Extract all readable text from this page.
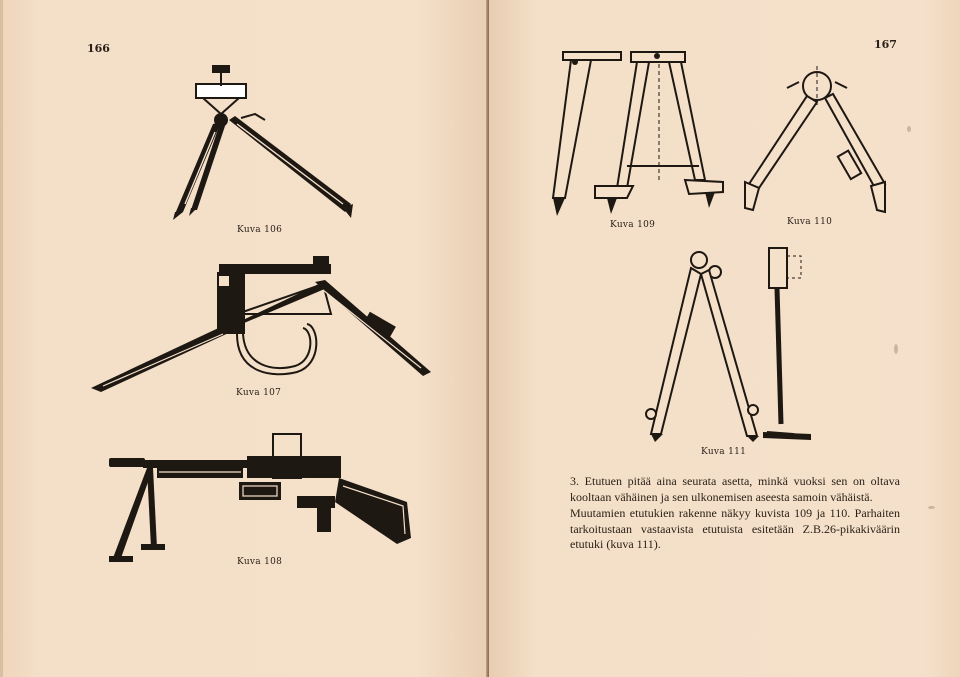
166
Kuva 106
Kuva 107
Kuva 108
167
Kuva 109	Kuva 110
Kuva 111

3. Etutuen pitää aina seurata asetta, minkä vuoksi sen on oltava kooltaan vähäinen ja sen ulkonemisen aseesta samoin vähäistä.

Muutamien etutukien rakenne näkyy kuvista 109 ja 110. Parhaiten tarkoitustaan vastaavista etutuista esitetään Z.B.26-pikakiväärin etutuki (kuva 111).
